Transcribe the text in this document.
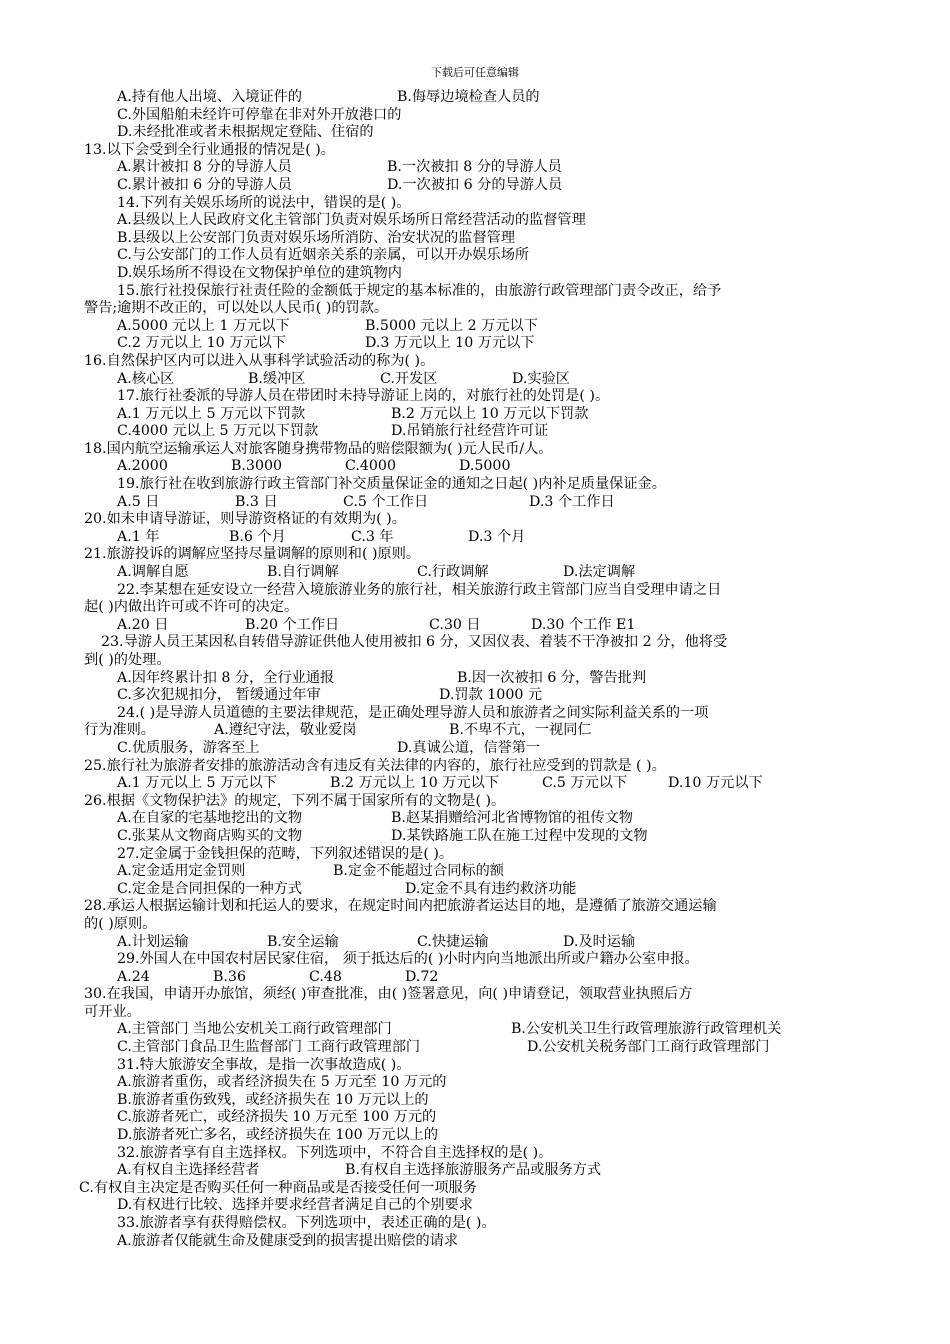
下载后可任意编辑
A.持有他人出境、入境证件的	B.侮辱边境检查人员的
C.外国船舶未经许可停靠在非对外开放港口的
D.未经批准或者未根据规定登陆、住宿的
13.以下会受到全行业通报的情况是( )。
A.累计被扣 8 分的导游人员	B.一次被扣 8 分的导游人员
C.累计被扣 6 分的导游人员	D.一次被扣 6 分的导游人员
14.下列有关娱乐场所的说法中，错误的是( )。
A.县级以上人民政府文化主管部门负责对娱乐场所日常经营活动的监督管理
B.县级以上公安部门负责对娱乐场所消防、治安状况的监督管理
C.与公安部门的工作人员有近姻亲关系的亲属，可以开办娱乐场所
D.娱乐场所不得设在文物保护单位的建筑物内
15.旅行社投保旅行社责任险的金额低于规定的基本标准的，由旅游行政管理部门责令改正，给予
警告;逾期不改正的，可以处以人民币( )的罚款。
A.5000 元以上 1 万元以下	B.5000 元以上 2 万元以下
C.2 万元以上 10 万元以下	D.3 万元以上 10 万元以下
16.自然保护区内可以进入从事科学试验活动的称为( )。
A.核心区	B.缓冲区	C.开发区	D.实验区
17.旅行社委派的导游人员在带团时未持导游证上岗的，对旅行社的处罚是( )。
A.1 万元以上 5 万元以下罚款	B.2 万元以上 10 万元以下罚款
C.4000 元以上 5 万元以下罚款	D.吊销旅行社经营许可证
18.国内航空运输承运人对旅客随身携带物品的赔偿限额为( )元人民币/人。
A.2000	B.3000	C.4000	D.5000
19.旅行社在收到旅游行政主管部门补交质量保证金的通知之日起( )内补足质量保证金。
A.5 日	B.3 日	C.5 个工作日	D.3 个工作日
20.如未申请导游证，则导游资格证的有效期为( )。
A.1 年	B.6 个月	C.3 年	D.3 个月
21.旅游投诉的调解应坚持尽量调解的原则和( )原则。
A.调解自愿	B.自行调解	C.行政调解	D.法定调解
22.李某想在延安设立一经营入境旅游业务的旅行社，相关旅游行政主管部门应当自受理申请之日
起( )内做出许可或不许可的决定。
A.20 日	B.20 个工作日	C.30 日	D.30 个工作 E1
23.导游人员王某因私自转借导游证供他人使用被扣 6 分，又因仪表、着装不干净被扣 2 分，他将受
到( )的处理。
A.因年终累计扣 8 分，全行业通报	B.因一次被扣 6 分，警告批判
C.多次犯规扣分， 暂缓通过年审	D.罚款 1000 元
24.( )是导游人员道德的主要法律规范，是正确处理导游人员和旅游者之间实际利益关系的一项
行为准则。	A.遵纪守法，敬业爱岗	B.不卑不亢，一视同仁
C.优质服务，游客至上	D.真诚公道，信誉第一
25.旅行社为旅游者安排的旅游活动含有违反有关法律的内容的，旅行社应受到的罚款是 ( )。
A.1 万元以上 5 万元以下	B.2 万元以上 10 万元以下	C.5 万元以下	D.10 万元以下
26.根据《文物保护法》的规定，下列不属于国家所有的文物是( )。
A.在自家的宅基地挖出的文物	B.赵某捐赠给河北省博物馆的祖传文物
C.张某从文物商店购买的文物	D.某铁路施工队在施工过程中发现的文物
27.定金属于金钱担保的范畴，下列叙述错误的是( )。
A.定金适用定金罚则	B.定金不能超过合同标的额
C.定金是合同担保的一种方式	D.定金不具有违约救济功能
28.承运人根据运输计划和托运人的要求，在规定时间内把旅游者运达目的地，是遵循了旅游交通运输
的( )原则。
A.计划运输	B.安全运输	C.快捷运输	D.及时运输
29.外国人在中国农村居民家住宿， 须于抵达后的( )小时内向当地派出所或户籍办公室申报。
A.24	B.36	C.48	D.72
30.在我国，申请开办旅馆，须经( )审查批准，由( )签署意见，向( )申请登记，领取营业执照后方
可开业。
A.主管部门 当地公安机关工商行政管理部门	B.公安机关卫生行政管理旅游行政管理机关
C.主管部门食品卫生监督部门 工商行政管理部门	D.公安机关税务部门工商行政管理部门
31.特大旅游安全事故，是指一次事故造成( )。
A.旅游者重伤，或者经济损失在 5 万元至 10 万元的
B.旅游者重伤致残，或经济损失在 10 万元以上的
C.旅游者死亡，或经济损失 10 万元至 100 万元的
D.旅游者死亡多名，或经济损失在 100 万元以上的
32.旅游者享有自主选择权。下列选项中，不符合自主选择权的是( )。
A.有权自主选择经营者	B.有权自主选择旅游服务产品或服务方式
C.有权自主决定是否购买任何一种商品或是否接受任何一项服务
D.有权进行比较、选择并要求经营者满足自己的个别要求
33.旅游者享有获得赔偿权。下列选项中，表述正确的是( )。
A.旅游者仅能就生命及健康受到的损害提出赔偿的请求
